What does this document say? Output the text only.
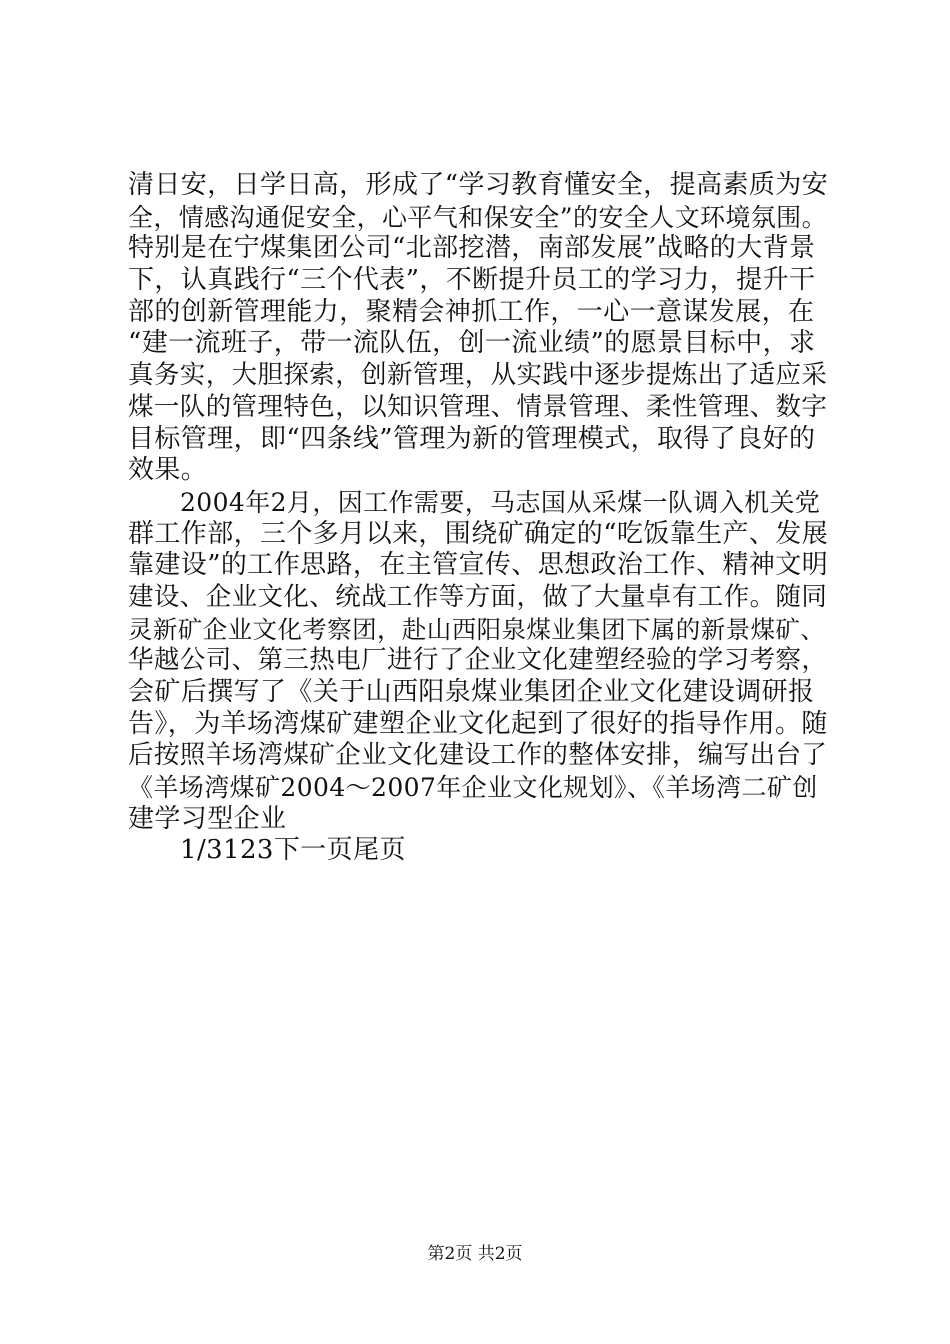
清日安，日学日高，形成了“学习教育懂安全，提高素质为安
全，情感沟通促安全，心平气和保安全”的安全人文环境氛围。
特别是在宁煤集团公司“北部挖潜，南部发展”战略的大背景
下，认真践行“三个代表”，不断提升员工的学习力，提升干
部的创新管理能力，聚精会神抓工作，一心一意谋发展，在
“建一流班子，带一流队伍，创一流业绩”的愿景目标中，求
真务实，大胆探索，创新管理，从实践中逐步提炼出了适应采
煤一队的管理特色，以知识管理、情景管理、柔性管理、数字
目标管理，即“四条线”管理为新的管理模式，取得了良好的
效果。
2004年2月，因工作需要，马志国从采煤一队调入机关党
群工作部，三个多月以来，围绕矿确定的“吃饭靠生产、发展
靠建设”的工作思路，在主管宣传、思想政治工作、精神文明
建设、企业文化、统战工作等方面，做了大量卓有工作。随同
灵新矿企业文化考察团，赴山西阳泉煤业集团下属的新景煤矿、
华越公司、第三热电厂进行了企业文化建塑经验的学习考察，
会矿后撰写了《关于山西阳泉煤业集团企业文化建设调研报
告》，为羊场湾煤矿建塑企业文化起到了很好的指导作用。随
后按照羊场湾煤矿企业文化建设工作的整体安排，编写出台了
《羊场湾煤矿2004～2007年企业文化规划》、《羊场湾二矿创
建学习型企业
1/3123下一页尾页
第2页 共2页
